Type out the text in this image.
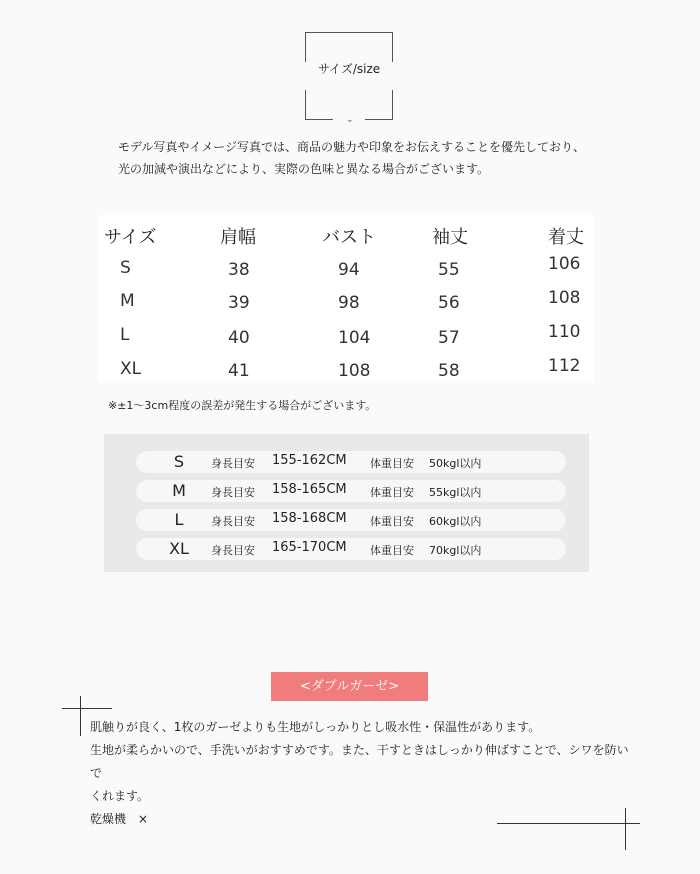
サイズ/size
⌄
モデル写真やイメージ写真では、商品の魅力や印象をお伝えすることを優先しており、
光の加減や演出などにより、実際の色味と異なる場合がございます。
サイズ	肩幅	バスト	袖丈	着丈
S	38	94	55	106
M	39	98	56	108
L	40	104	57	110
XL	41	108	58	112
※±1～3cm程度の誤差が発生する場合がございます。
S	身長目安 155-162CM 体重目安 50kgl以内
M	身長目安 158-165CM 体重目安 55kgl以内
L	身長目安 158-168CM 体重目安 60kgl以内
XL	身長目安 165-170CM 体重目安 70kgl以内
<ダブルガーゼ>
肌触りが良く、1枚のガーゼよりも生地がしっかりとし吸水性・保温性があります。
生地が柔らかいので、手洗いがおすすめです。また、干すときはしっかり伸ばすことで、シワを防いで
くれます。
乾燥機　×
